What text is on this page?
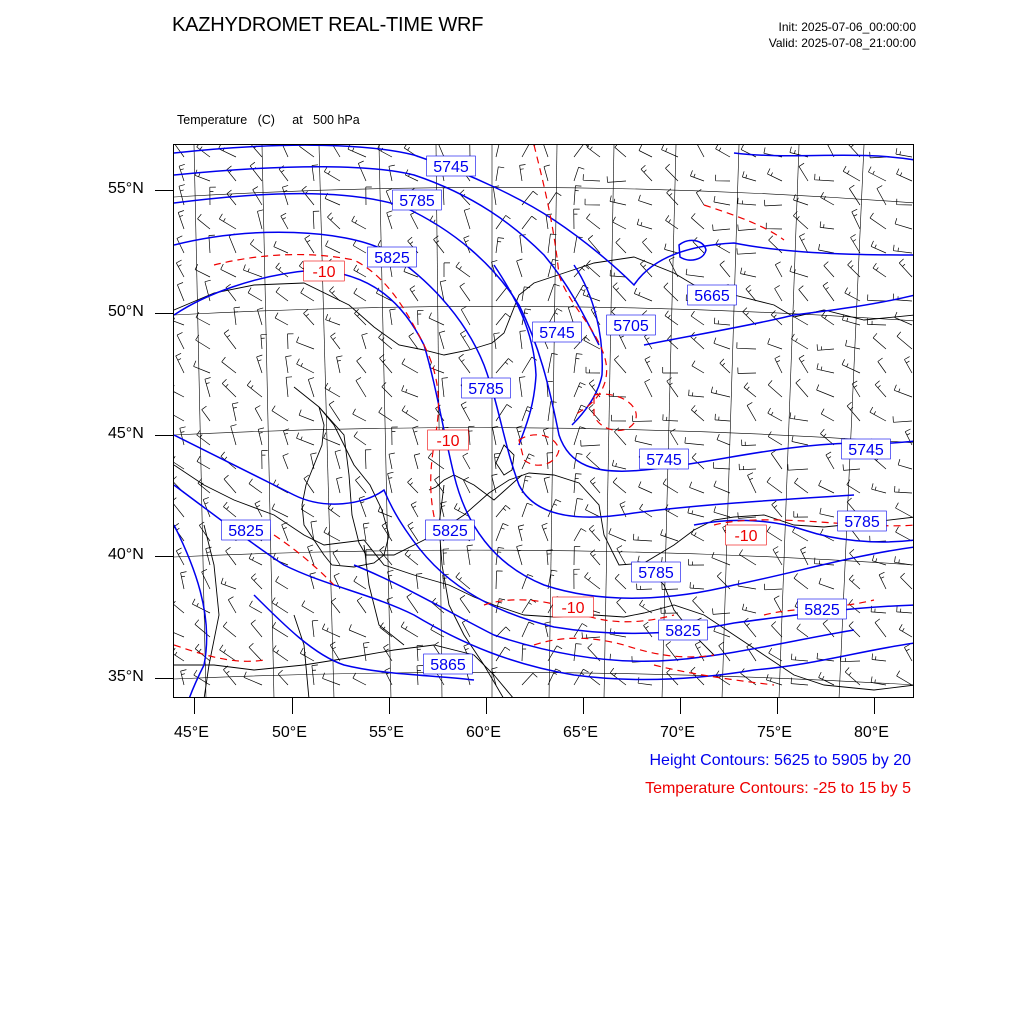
KAZHYDROMET REAL-TIME WRF	Init: 2025-07-06_00:00:00
Valid: 2025-07-08_21:00:00

Temperature   (C)     at   500 hPa

5745
5785
5825
5665
5705
5745
5785
5745
5745
5825	5825
5785
5785
5825
5825
5865
-10
-10
-10
-10
55°N
50°N
45°N
40°N
35°N
45°E	50°E	55°E	60°E	65°E	70°E	75°E	80°E
Height Contours: 5625 to 5905 by 20
Temperature Contours: -25 to 15 by 5
